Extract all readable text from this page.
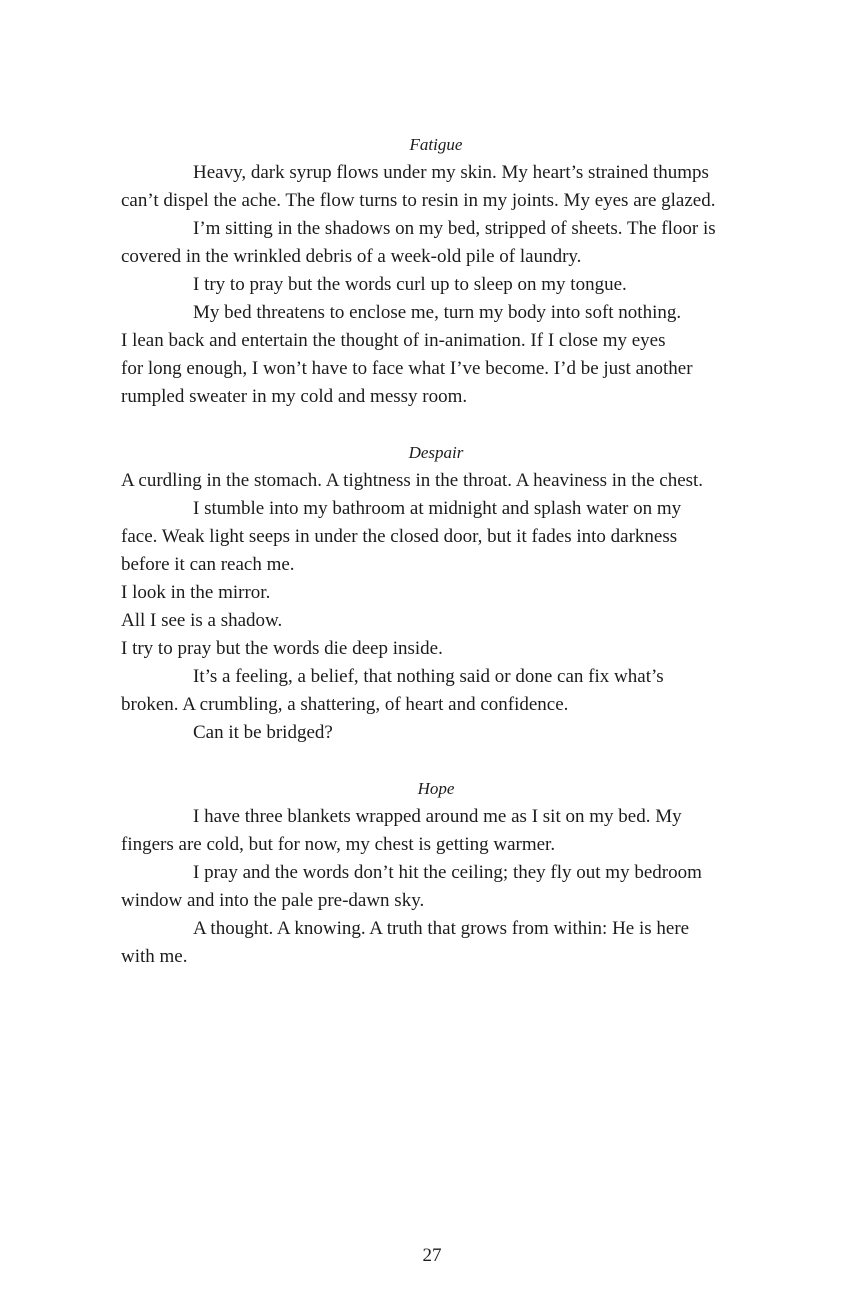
Fatigue

Heavy, dark syrup flows under my skin. My heart’s strained thumps
can’t dispel the ache. The flow turns to resin in my joints. My eyes are glazed.

I’m sitting in the shadows on my bed, stripped of sheets. The floor is
covered in the wrinkled debris of a week-old pile of laundry.

I try to pray but the words curl up to sleep on my tongue.

My bed threatens to enclose me, turn my body into soft nothing.
I lean back and entertain the thought of in-animation. If I close my eyes
for long enough, I won’t have to face what I’ve become. I’d be just another
rumpled sweater in my cold and messy room.

Despair

A curdling in the stomach. A tightness in the throat. A heaviness in the chest.

I stumble into my bathroom at midnight and splash water on my
face. Weak light seeps in under the closed door, but it fades into darkness
before it can reach me.

I look in the mirror.

All I see is a shadow.

I try to pray but the words die deep inside.

It’s a feeling, a belief, that nothing said or done can fix what’s
broken. A crumbling, a shattering, of heart and confidence.

Can it be bridged?

Hope

I have three blankets wrapped around me as I sit on my bed. My
fingers are cold, but for now, my chest is getting warmer.

I pray and the words don’t hit the ceiling; they fly out my bedroom
window and into the pale pre-dawn sky.

A thought. A knowing. A truth that grows from within: He is here
with me.

27
